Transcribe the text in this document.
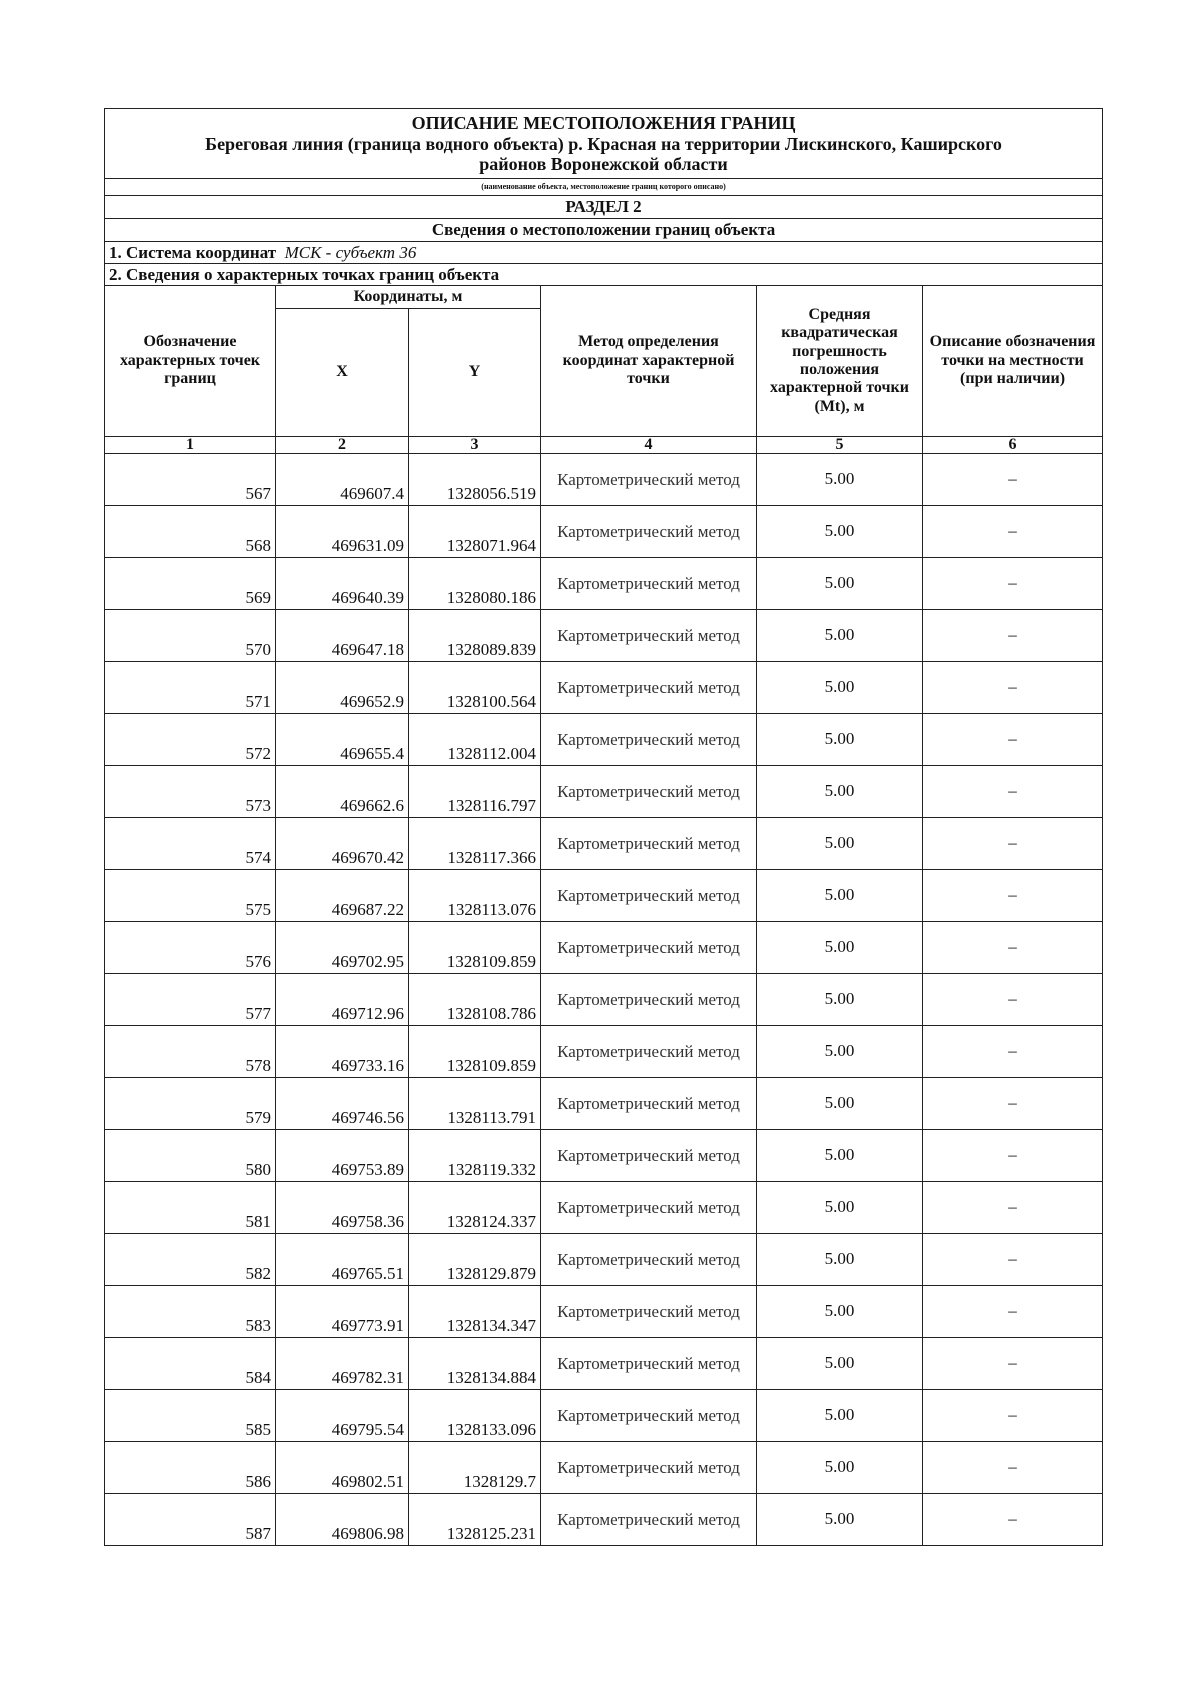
ОПИСАНИЕ МЕСТОПОЛОЖЕНИЯ ГРАНИЦ
Береговая линия (граница водного объекта) р. Красная на территории Лискинского, Каширского
районов Воронежской области					

(наименование объекта, местоположение границ которого описано)					
РАЗДЕЛ 2					
Сведения о местоположении границ объекта					
1. Система координат МСК - субъект 36					
2. Сведения о характерных точках границ объекта					
Обозначение характерных точек границ	Координаты, м		Метод определения координат характерной точки	Средняя квадратическая погрешность положения характерной точки (Mt), м	Описание обозначения точки на местности (при наличии)
	X	Y			
1	2	3	4	5	6
567	469607.4	1328056.519	Картометрический метод	5.00	–
568	469631.09	1328071.964	Картометрический метод	5.00	–
569	469640.39	1328080.186	Картометрический метод	5.00	–
570	469647.18	1328089.839	Картометрический метод	5.00	–
571	469652.9	1328100.564	Картометрический метод	5.00	–
572	469655.4	1328112.004	Картометрический метод	5.00	–
573	469662.6	1328116.797	Картометрический метод	5.00	–
574	469670.42	1328117.366	Картометрический метод	5.00	–
575	469687.22	1328113.076	Картометрический метод	5.00	–
576	469702.95	1328109.859	Картометрический метод	5.00	–
577	469712.96	1328108.786	Картометрический метод	5.00	–
578	469733.16	1328109.859	Картометрический метод	5.00	–
579	469746.56	1328113.791	Картометрический метод	5.00	–
580	469753.89	1328119.332	Картометрический метод	5.00	–
581	469758.36	1328124.337	Картометрический метод	5.00	–
582	469765.51	1328129.879	Картометрический метод	5.00	–
583	469773.91	1328134.347	Картометрический метод	5.00	–
584	469782.31	1328134.884	Картометрический метод	5.00	–
585	469795.54	1328133.096	Картометрический метод	5.00	–
586	469802.51	1328129.7	Картометрический метод	5.00	–
587	469806.98	1328125.231	Картометрический метод	5.00	–
